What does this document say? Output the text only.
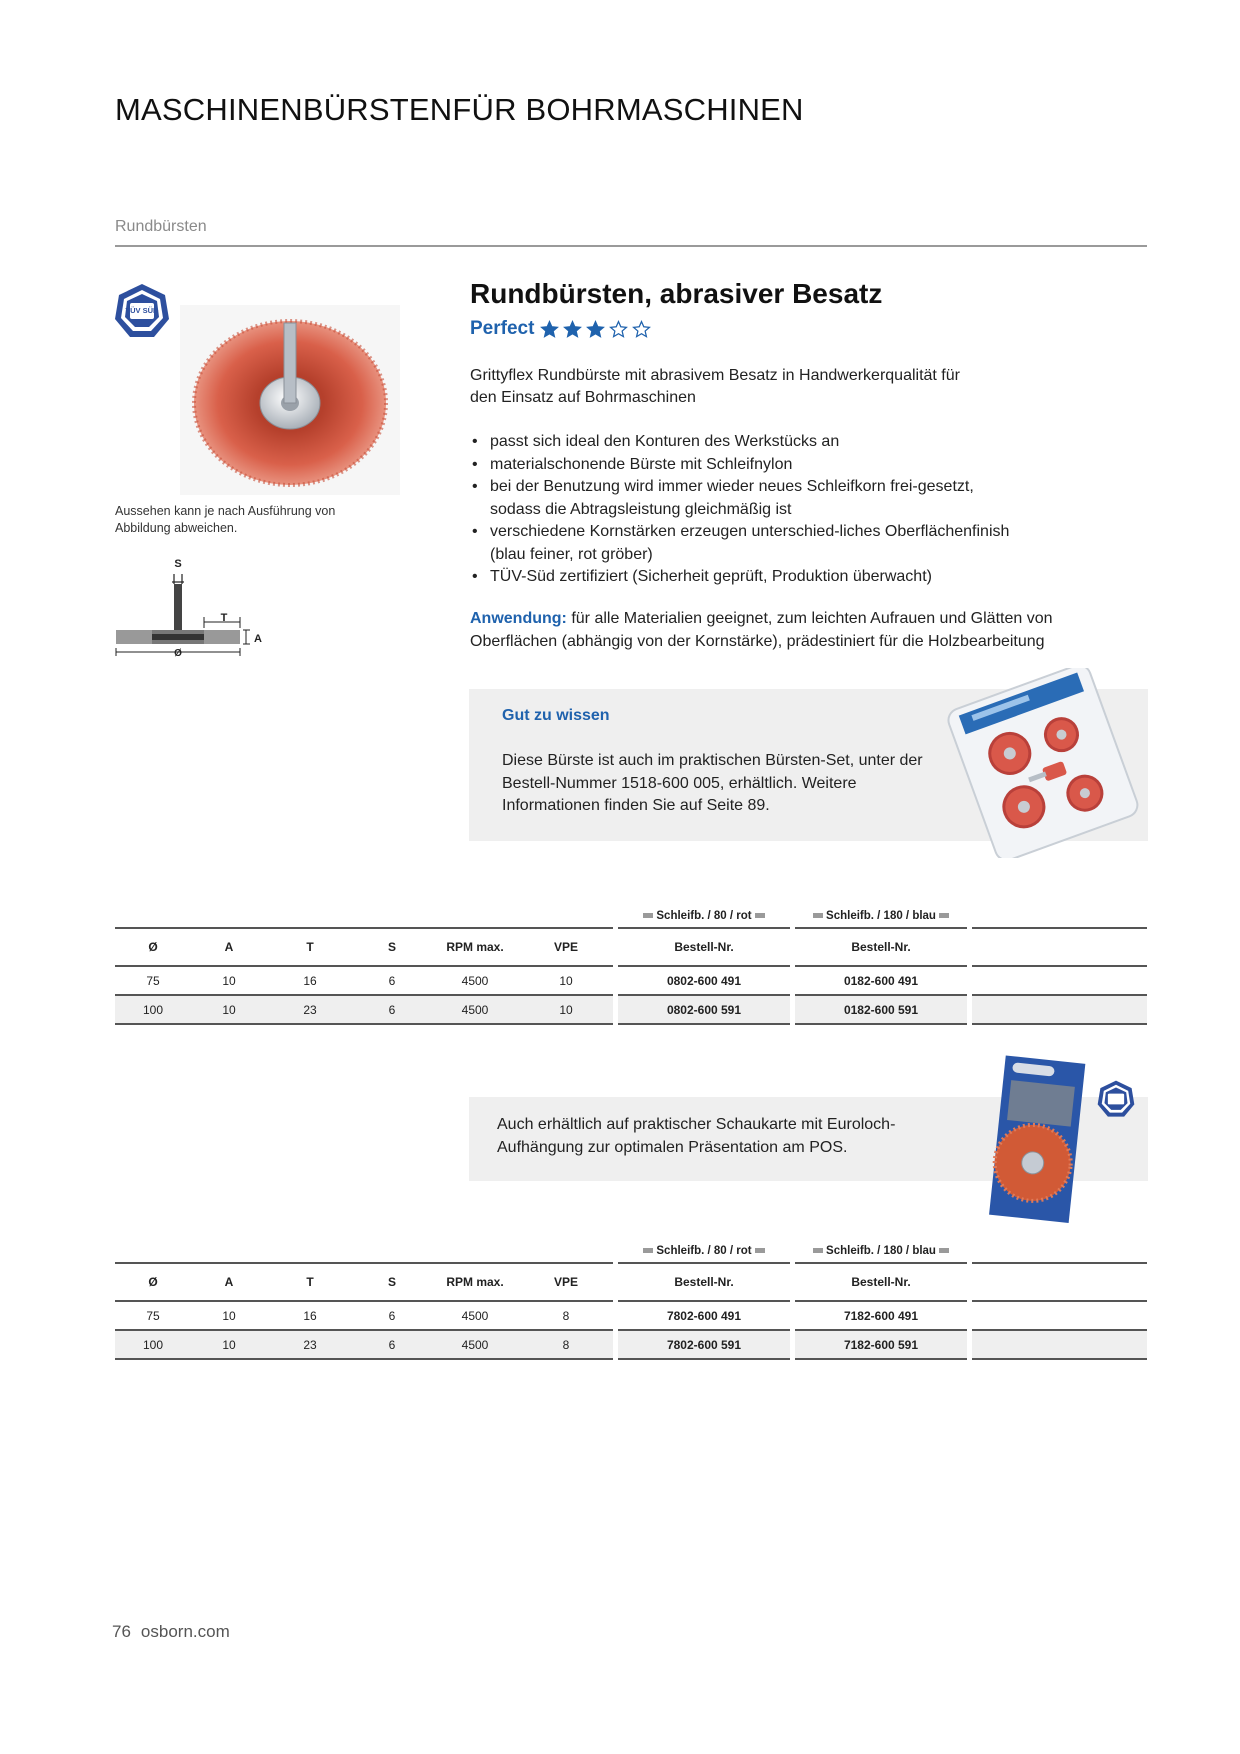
MASCHINENBÜRSTENFÜR BOHRMASCHINEN
Rundbürsten
TÜV SÜD
Aussehen kann je nach Ausführung von Abbildung abweichen.
S
T
A
Ø
Rundbürsten, abrasiver Besatz
Perfect
Grittyflex Rundbürste mit abrasivem Besatz in Handwerkerqualität für den Einsatz auf Bohrmaschinen
• passt sich ideal den Konturen des Werkstücks an
• materialschonende Bürste mit Schleifnylon
• bei der Benutzung wird immer wieder neues Schleifkorn frei-gesetzt, sodass die Abtragsleistung gleichmäßig ist
• verschiedene Kornstärken erzeugen unterschied-liches Oberflächenfinish (blau feiner, rot gröber)
• TÜV-Süd zertifiziert (Sicherheit geprüft, Produktion überwacht)
Anwendung: für alle Materialien geeignet, zum leichten Aufrauen und Glätten von Oberflächen (abhängig von der Kornstärke), prädestiniert für die Holzbearbeitung
Gut zu wissen
Diese Bürste ist auch im praktischen Bürsten-Set, unter der Bestell-Nummer 1518-600 005, erhältlich. Weitere Informationen finden Sie auf Seite 89.
							Schleifb. / 80 / rot		Schleifb. / 180 / blau		
Ø	A	T	S	RPM max.	VPE		Bestell-Nr.		Bestell-Nr.		
75	10	16	6	4500	10		0802-600 491		0182-600 491		
100	10	23	6	4500	10		0802-600 591		0182-600 591		
Auch erhältlich auf praktischer Schaukarte mit Euroloch-Aufhängung zur optimalen Präsentation am POS.
							Schleifb. / 80 / rot		Schleifb. / 180 / blau		
Ø	A	T	S	RPM max.	VPE		Bestell-Nr.		Bestell-Nr.		
75	10	16	6	4500	8		7802-600 491		7182-600 491		
100	10	23	6	4500	8		7802-600 591		7182-600 591		
76 osborn.com
